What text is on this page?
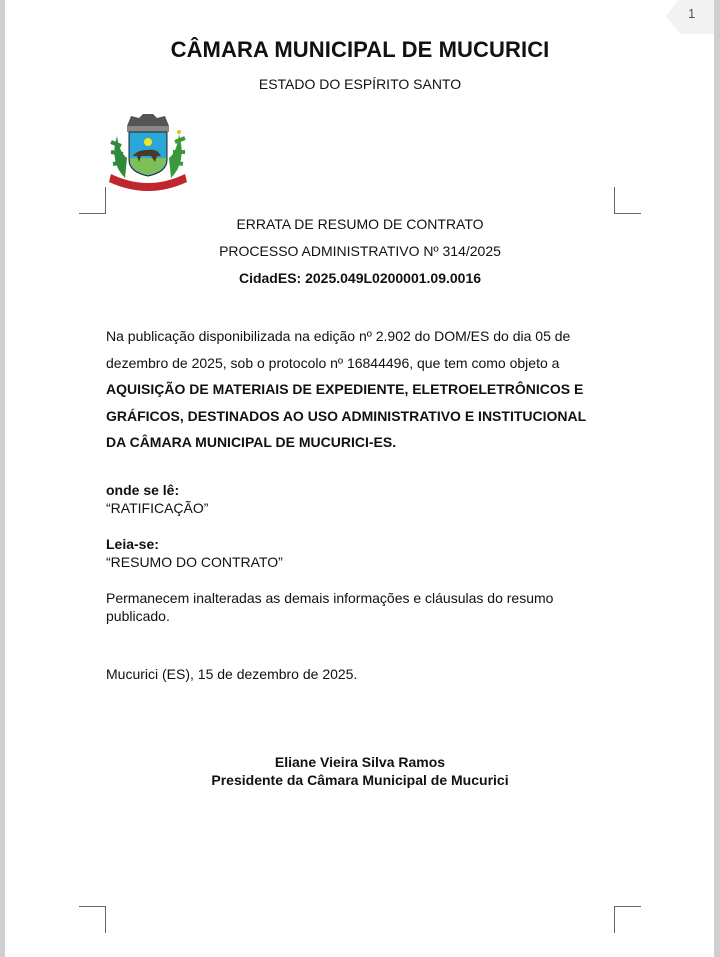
1
CÂMARA MUNICIPAL DE MUCURICI
ESTADO DO ESPÍRITO SANTO
ERRATA DE RESUMO DE CONTRATO
PROCESSO ADMINISTRATIVO Nº 314/2025
CidadES: 2025.049L0200001.09.0016
Na publicação disponibilizada na edição nº 2.902 do DOM/ES do dia 05 de dezembro de 2025, sob o protocolo nº 16844496, que tem como objeto a AQUISIÇÃO DE MATERIAIS DE EXPEDIENTE, ELETROELETRÔNICOS E GRÁFICOS, DESTINADOS AO USO ADMINISTRATIVO E INSTITUCIONAL DA CÂMARA MUNICIPAL DE MUCURICI-ES.
onde se lê:
“RATIFICAÇÃO”
Leia-se:
“RESUMO DO CONTRATO”
Permanecem inalteradas as demais informações e cláusulas do resumo publicado.
Mucurici (ES), 15 de dezembro de 2025.
Eliane Vieira Silva Ramos
Presidente da Câmara Municipal de Mucurici
